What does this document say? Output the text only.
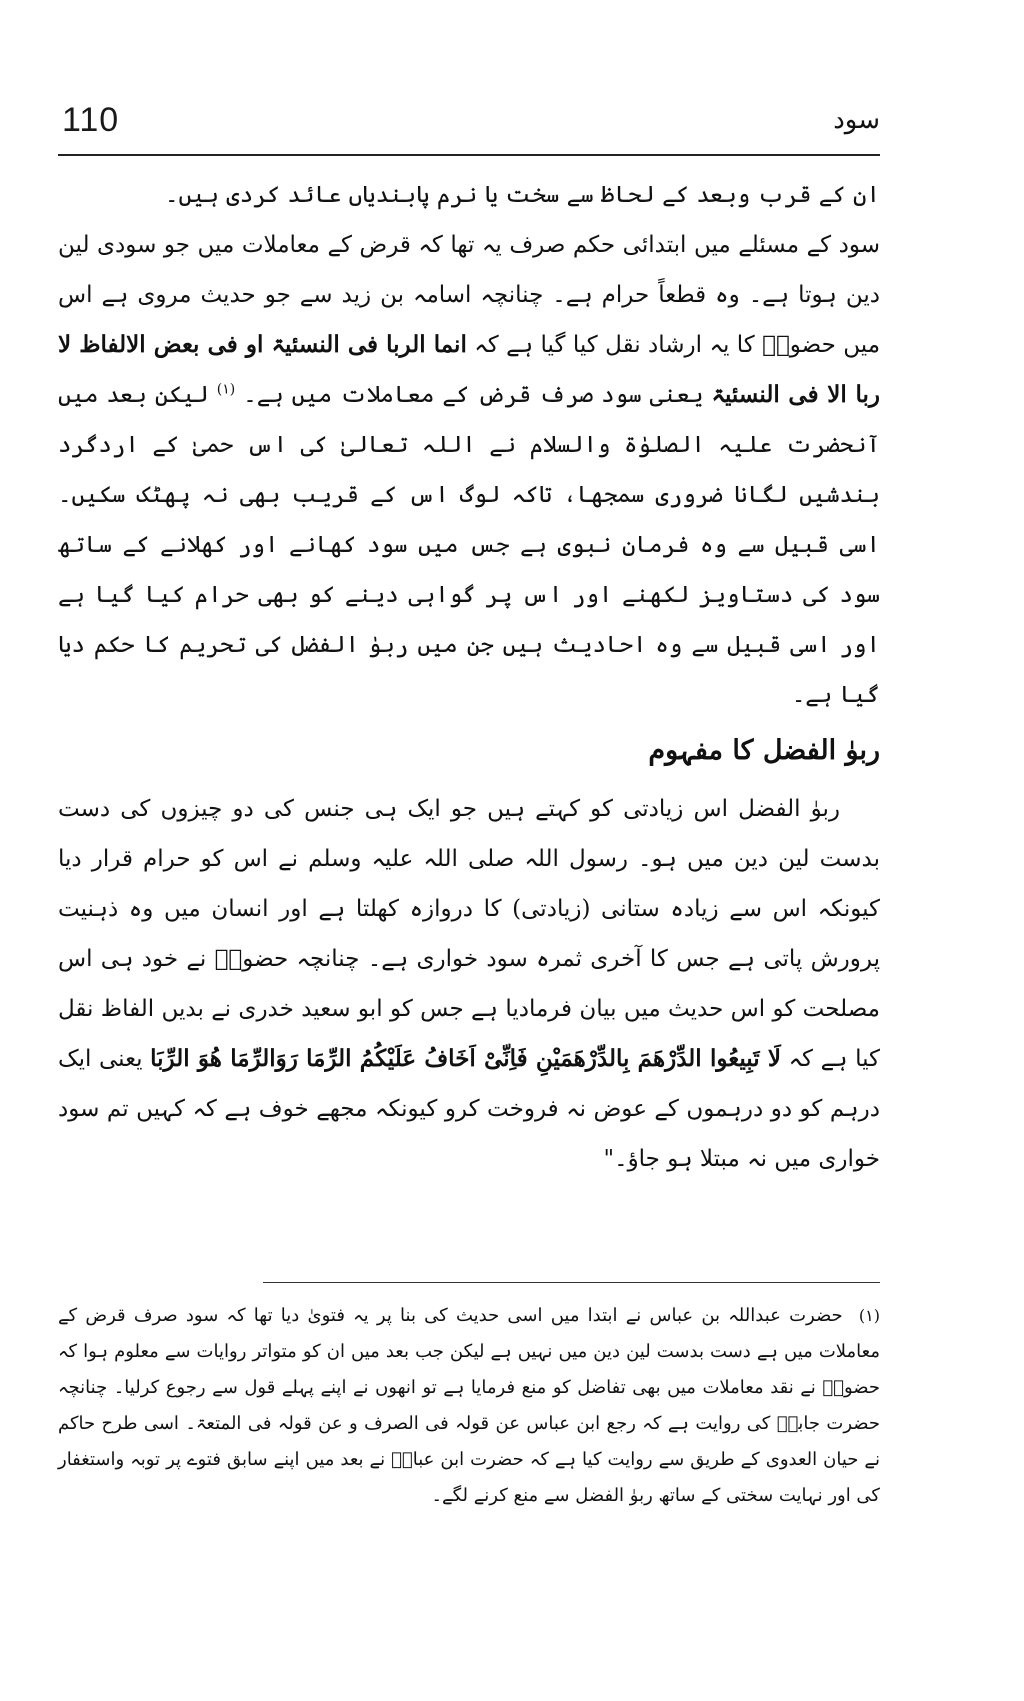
110	سود

ان کے قرب وبعد کے لحاظ سے سخت یا نرم پابندیاں عائد کردی ہیں۔

سود کے مسئلے میں ابتدائی حکم صرف یہ تھا کہ قرض کے معاملات میں جو سودی لین دین ہوتا ہے۔ وہ قطعاً حرام ہے۔ چنانچہ اسامہ بن زید سے جو حدیث مروی ہے اس میں حضورؐ کا یہ ارشاد نقل کیا گیا ہے کہ انما الربا فی النسئیۃ او فی بعض الالفاظ لا ربا الا فی النسئیۃ یعنی سود صرف قرض کے معاملات میں ہے۔ $^{(۱)}$ لیکن بعد میں آنحضرت علیہ الصلوٰۃ والسلام نے اللہ تعالیٰ کی اس حمیٰ کے اردگرد بندشیں لگانا ضروری سمجھا، تاکہ لوگ اس کے قریب بھی نہ پھٹک سکیں۔ اسی قبیل سے وہ فرمان نبوی ہے جس میں سود کھانے اور کھلانے کے ساتھ سود کی دستاویز لکھنے اور اس پر گواہی دینے کو بھی حرام کیا گیا ہے اور اسی قبیل سے وہ احادیث ہیں جن میں ربوٰ الفضل کی تحریم کا حکم دیا گیا ہے۔

ربوٰ الفضل کا مفہوم

ربوٰ الفضل اس زیادتی کو کہتے ہیں جو ایک ہی جنس کی دو چیزوں کی دست بدست لین دین میں ہو۔ رسول اللہ صلی اللہ علیہ وسلم نے اس کو حرام قرار دیا کیونکہ اس سے زیادہ ستانی (زیادتی) کا دروازہ کھلتا ہے اور انسان میں وہ ذہنیت پرورش پاتی ہے جس کا آخری ثمرہ سود خواری ہے۔ چنانچہ حضورؐ نے خود ہی اس مصلحت کو اس حدیث میں بیان فرمادیا ہے جس کو ابو سعید خدری نے بدیں الفاظ نقل کیا ہے کہ لَا تَبِیعُوا الدِّرْھَمَ بِالدِّرْھَمَیْنِ فَاِنِّیْ اَخَافُ عَلَیْکُمُ الرِّمَا رَوَالرِّمَا ھُوَ الرِّبَا یعنی ایک درہم کو دو درہموں کے عوض نہ فروخت کرو کیونکہ مجھے خوف ہے کہ کہیں تم سود خواری میں نہ مبتلا ہو جاؤ۔"

(۱) حضرت عبداللہ بن عباس نے ابتدا میں اسی حدیث کی بنا پر یہ فتویٰ دیا تھا کہ سود صرف قرض کے معاملات میں ہے دست بدست لین دین میں نہیں ہے لیکن جب بعد میں ان کو متواتر روایات سے معلوم ہوا کہ حضورؐ نے نقد معاملات میں بھی تفاضل کو منع فرمایا ہے تو انھوں نے اپنے پہلے قول سے رجوع کرلیا۔ چنانچہ حضرت جابرؓ کی روایت ہے کہ رجع ابن عباس عن قولہ فی الصرف و عن قولہ فی المتعۃ۔ اسی طرح حاکم نے حیان العدوی کے طریق سے روایت کیا ہے کہ حضرت ابن عباسؓ نے بعد میں اپنے سابق فتوے پر توبہ واستغفار کی اور نہایت سختی کے ساتھ ربوٰ الفضل سے منع کرنے لگے۔
